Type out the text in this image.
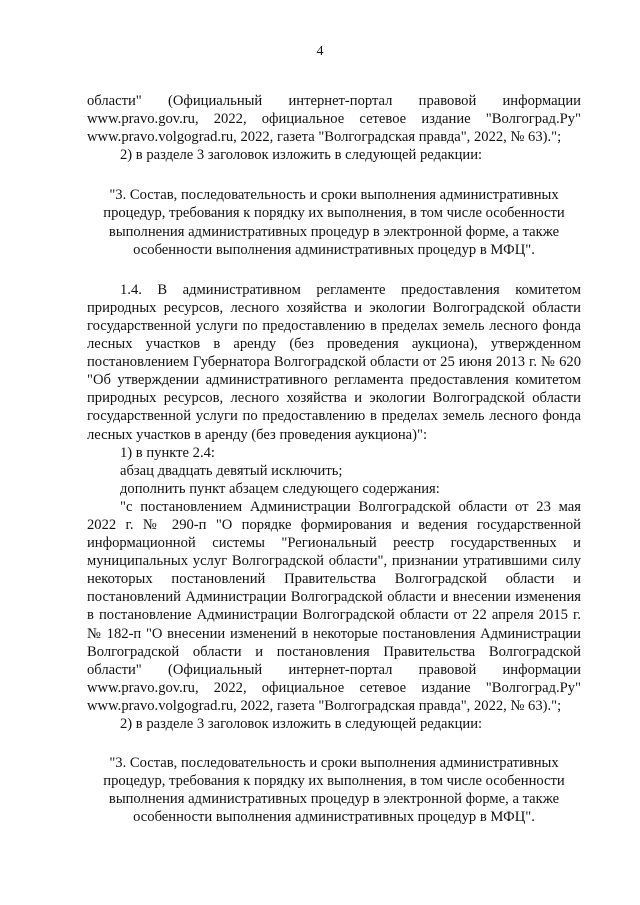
4

области" (Официальный интернет-портал правовой информации www.pravo.gov.ru, 2022, официальное сетевое издание "Волгоград.Ру" www.pravo.volgograd.ru, 2022, газета "Волгоградская правда", 2022, № 63).";

2) в разделе 3 заголовок изложить в следующей редакции:

"3. Состав, последовательность и сроки выполнения административных процедур, требования к порядку их выполнения, в том числе особенности выполнения административных процедур в электронной форме, а также особенности выполнения административных процедур в МФЦ".

1.4. В административном регламенте предоставления комитетом природных ресурсов, лесного хозяйства и экологии Волгоградской области государственной услуги по предоставлению в пределах земель лесного фонда лесных участков в аренду (без проведения аукциона), утвержденном постановлением Губернатора Волгоградской области от 25 июня 2013 г. № 620 "Об утверждении административного регламента предоставления комитетом природных ресурсов, лесного хозяйства и экологии Волгоградской области государственной услуги по предоставлению в пределах земель лесного фонда лесных участков в аренду (без проведения аукциона)":

1) в пункте 2.4:

абзац двадцать девятый исключить;

дополнить пункт абзацем следующего содержания:

"с постановлением Администрации Волгоградской области от 23 мая 2022 г. № 290-п "О порядке формирования и ведения государственной информационной системы "Региональный реестр государственных и муниципальных услуг Волгоградской области", признании утратившими силу некоторых постановлений Правительства Волгоградской области и постановлений Администрации Волгоградской области и внесении изменения в постановление Администрации Волгоградской области от 22 апреля 2015 г. № 182-п "О внесении изменений в некоторые постановления Администрации Волгоградской области и постановления Правительства Волгоградской области" (Официальный интернет-портал правовой информации www.pravo.gov.ru, 2022, официальное сетевое издание "Волгоград.Ру" www.pravo.volgograd.ru, 2022, газета "Волгоградская правда", 2022, № 63).";

2) в разделе 3 заголовок изложить в следующей редакции:

"3. Состав, последовательность и сроки выполнения административных процедур, требования к порядку их выполнения, в том числе особенности выполнения административных процедур в электронной форме, а также особенности выполнения административных процедур в МФЦ".
